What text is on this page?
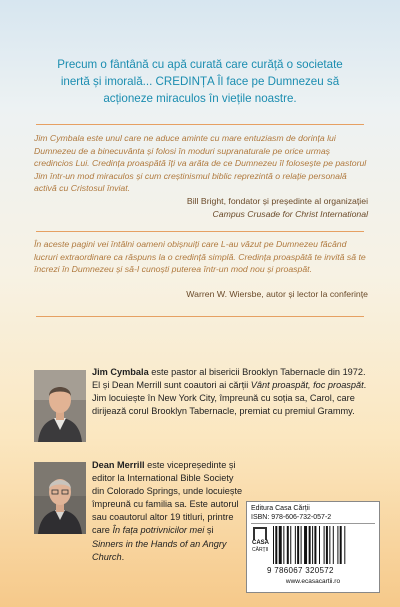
Precum o fântână cu apă curată care curăță o societate
inertă și imorală... CREDINȚA Îl face pe Dumnezeu să
acționeze miraculos în viețile noastre.

Jim Cymbala este unul care ne aduce aminte cu mare entuziasm de dorința lui Dumnezeu de a binecuvânta și folosi în moduri supranaturale pe orice urmaș credincios Lui. Credința proaspătă îți va arăta de ce Dumnezeu îl folosește pe pastorul Jim într-un mod miraculos și cum creștinismul biblic reprezintă o relație personală activă cu Cristosul înviat.

Bill Bright, fondator și președinte al organizației
Campus Crusade for Christ International

În aceste pagini vei întâlni oameni obișnuiți care L-au văzut pe Dumnezeu făcând lucruri extraordinare ca răspuns la o credință simplă. Credința proaspătă te invită să te încrezi în Dumnezeu și să-I cunoști puterea într-un mod nou și proaspăt.

Warren W. Wiersbe, autor și lector la conferințe

Jim Cymbala este pastor al bisericii Brooklyn Tabernacle din 1972. El și Dean Merrill sunt coautori ai cărții Vânt proaspăt, foc proaspăt. Jim locuiește în New York City, împreună cu soția sa, Carol, care dirijează corul Brooklyn Tabernacle, premiat cu premiul Grammy.

Dean Merrill este vicepreședinte și editor la International Bible Society din Colorado Springs, unde locuiește împreună cu familia sa. Este autorul sau coautorul altor 19 titluri, printre care În fața potrivnicilor mei și Sinners in the Hands of an Angry Church.

Editura Casa Cărții
ISBN: 978-606-732-057-2
CASA
CĂRȚII
9 786067 320572
www.ecasacartii.ro
